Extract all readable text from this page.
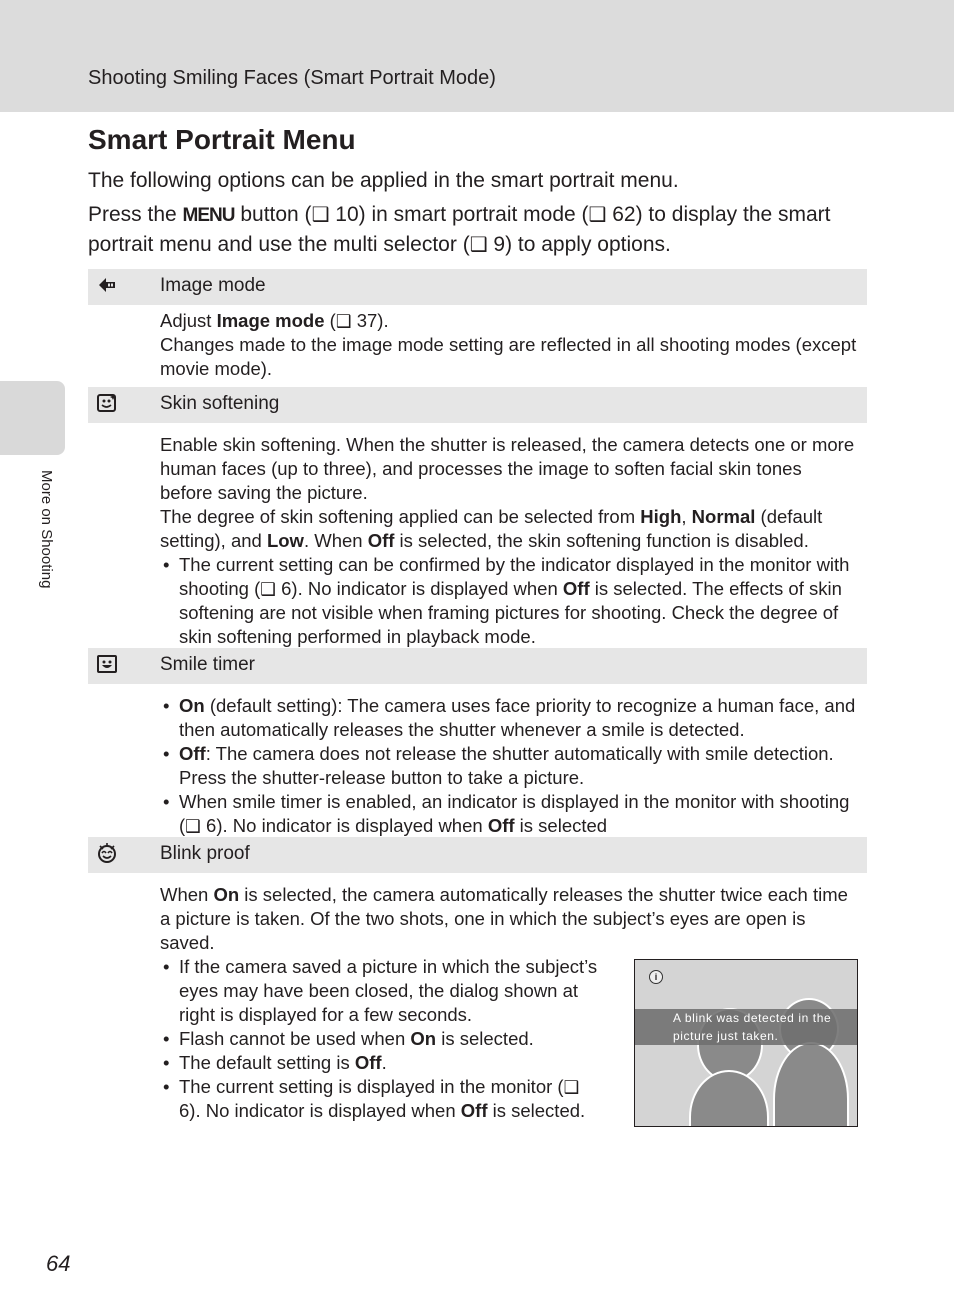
Shooting Smiling Faces (Smart Portrait Mode)
More on Shooting
Smart Portrait Menu

The following options can be applied in the smart portrait menu.

Press the MENU button (❑ 10) in smart portrait mode (❑ 62) to display the smart portrait menu and use the multi selector (❑ 9) to apply options.

Image mode

Adjust Image mode (❑ 37).

Changes made to the image mode setting are reflected in all shooting modes (except movie mode).

Skin softening

Enable skin softening. When the shutter is released, the camera detects one or more human faces (up to three), and processes the image to soften facial skin tones before saving the picture.

The degree of skin softening applied can be selected from High, Normal (default setting), and Low. When Off is selected, the skin softening function is disabled.

• The current setting can be confirmed by the indicator displayed in the monitor with shooting (❑ 6). No indicator is displayed when Off is selected. The effects of skin softening are not visible when framing pictures for shooting. Check the degree of skin softening performed in playback mode.
Smile timer
• On (default setting): The camera uses face priority to recognize a human face, and then automatically releases the shutter whenever a smile is detected.
• Off: The camera does not release the shutter automatically with smile detection. Press the shutter-release button to take a picture.
• When smile timer is enabled, an indicator is displayed in the monitor with shooting (❑ 6). No indicator is displayed when Off is selected
Blink proof

When On is selected, the camera automatically releases the shutter twice each time a picture is taken. Of the two shots, one in which the subject’s eyes are open is saved.

• If the camera saved a picture in which the subject’s eyes may have been closed, the dialog shown at right is displayed for a few seconds.
• Flash cannot be used when On is selected.
• The default setting is Off.
• The current setting is displayed in the monitor (❑ 6). No indicator is displayed when Off is selected.
i
A blink was detected in the
picture just taken.
64
